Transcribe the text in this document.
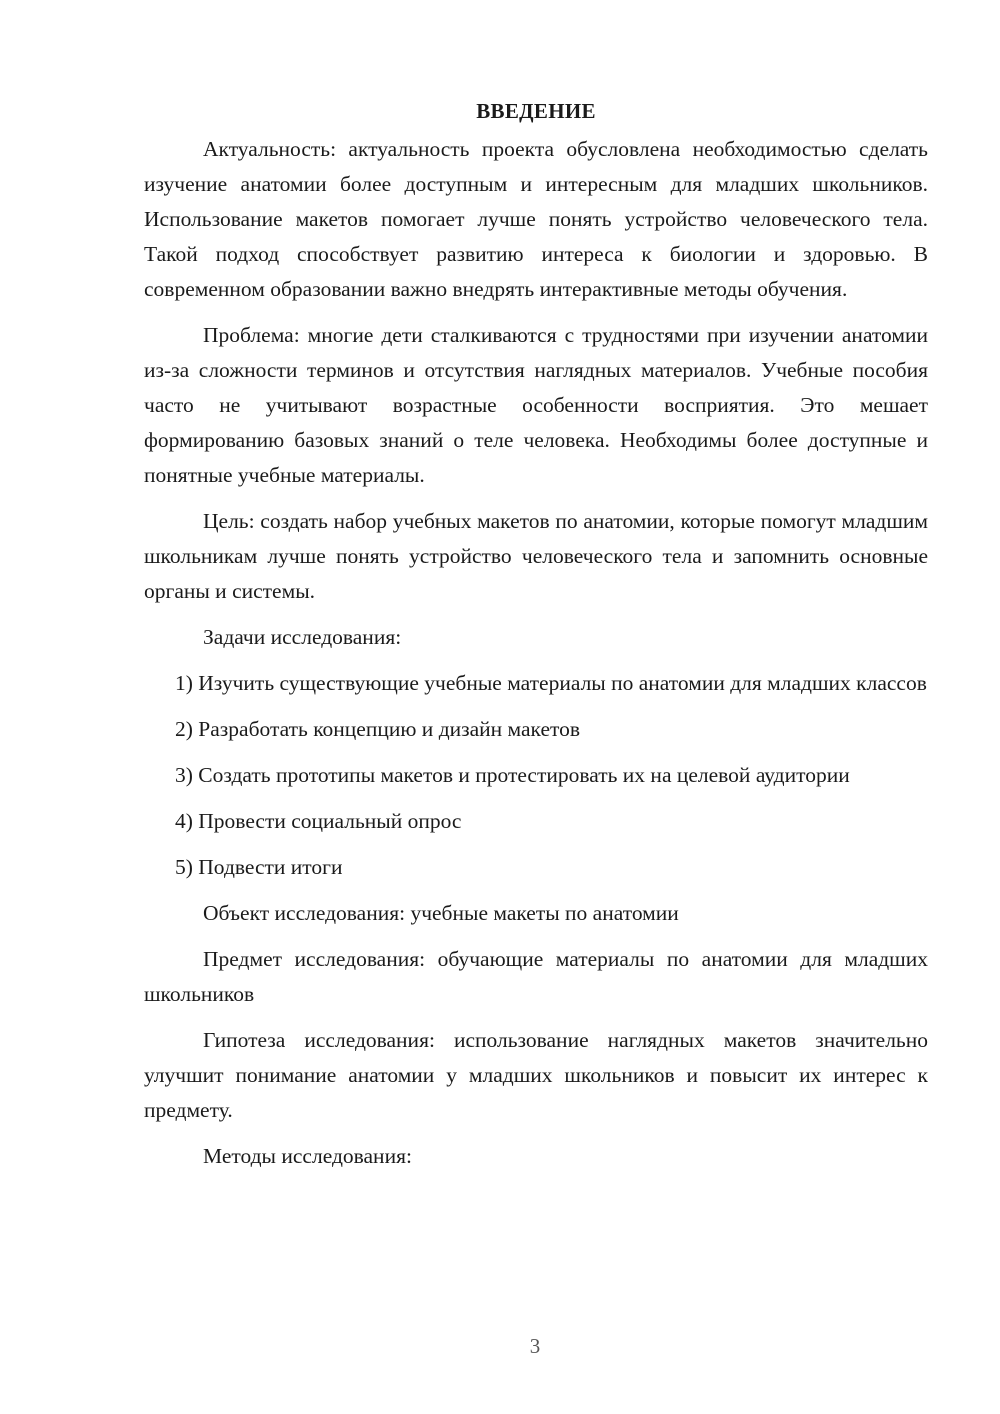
ВВЕДЕНИЕ

Актуальность: актуальность проекта обусловлена необходимостью сделать изучение анатомии более доступным и интересным для младших школьников. Использование макетов помогает лучше понять устройство человеческого тела. Такой подход способствует развитию интереса к биологии и здоровью. В современном образовании важно внедрять интерактивные методы обучения.

Проблема: многие дети сталкиваются с трудностями при изучении анатомии из-за сложности терминов и отсутствия наглядных материалов. Учебные пособия часто не учитывают возрастные особенности восприятия. Это мешает формированию базовых знаний о теле человека. Необходимы более доступные и понятные учебные материалы.

Цель: создать набор учебных макетов по анатомии, которые помогут младшим школьникам лучше понять устройство человеческого тела и запомнить основные органы и системы.

Задачи исследования:

1) Изучить существующие учебные материалы по анатомии для младших классов

2) Разработать концепцию и дизайн макетов

3) Создать прототипы макетов и протестировать их на целевой аудитории

4) Провести социальный опрос

5) Подвести итоги

Объект исследования: учебные макеты по анатомии

Предмет исследования: обучающие материалы по анатомии для младших школьников

Гипотеза исследования: использование наглядных макетов значительно улучшит понимание анатомии у младших школьников и повысит их интерес к предмету.

Методы исследования:

3
